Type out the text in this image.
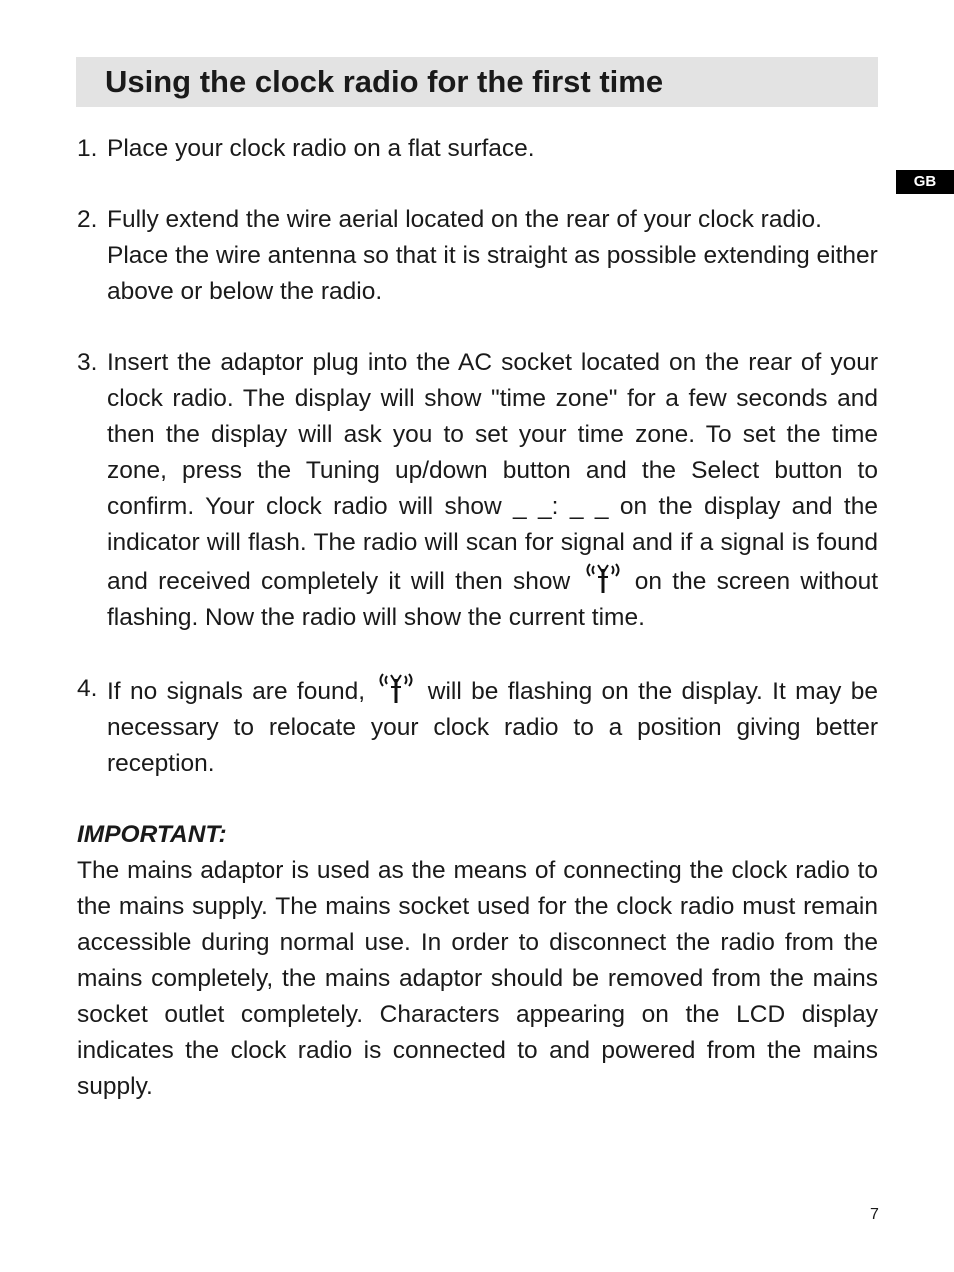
Using the clock radio for the first time
GB
1. Place your clock radio on a flat surface.
2. Fully extend the wire aerial located on the rear of your clock radio. Place the wire antenna so that it is straight as possible extending either above or below the radio.
3. Insert the adaptor plug into the AC socket located on the rear of your clock radio. The display will show "time zone" for a few seconds and then the display will ask you to set your time zone. To set the time zone, press the Tuning up/down button and the Select button to confirm. Your clock radio will show _ _: _ _ on the display and the indicator will flash. The radio will scan for signal and if a signal is found and received completely it will then show	on the screen without flashing. Now the radio will show the current time.
4. If no signals are found,	will be flashing on the display. It may be necessary to relocate your clock radio to a position giving better reception.
IMPORTANT:
The mains adaptor is used as the means of connecting the clock radio to the mains supply. The mains socket used for the clock radio must remain accessible during normal use. In order to disconnect the radio from the mains completely, the mains adaptor should be removed from the mains socket outlet completely. Characters appearing on the LCD display indicates the clock radio is connected to and powered from the mains supply.
7
